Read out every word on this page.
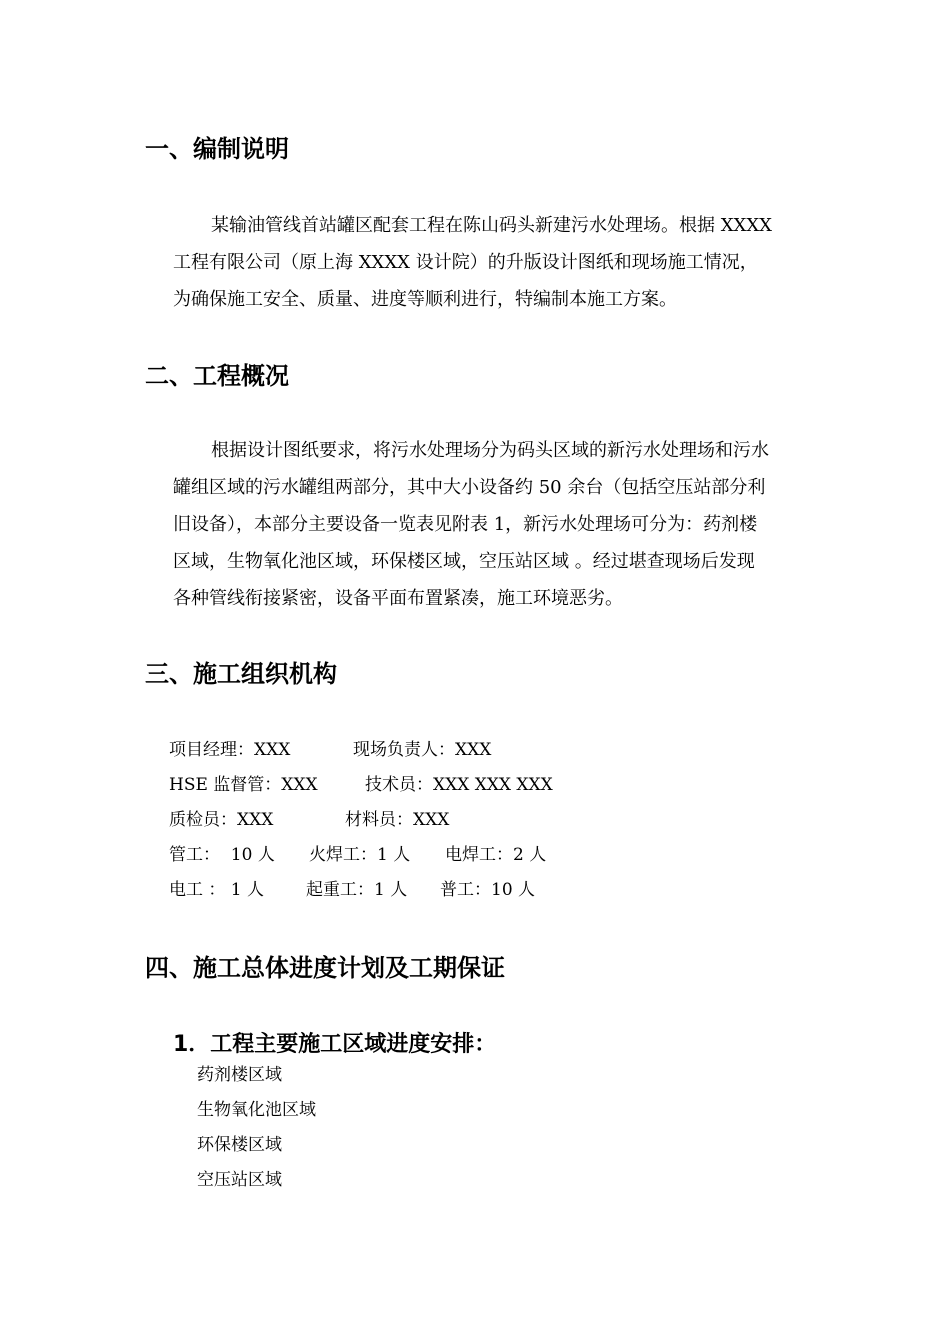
一、编制说明
某输油管线首站罐区配套工程在陈山码头新建污水处理场。根据 XXXX
工程有限公司（原上海 XXXX 设计院）的升版设计图纸和现场施工情况，
为确保施工安全、质量、进度等顺利进行，特编制本施工方案。
二、工程概况
根据设计图纸要求，将污水处理场分为码头区域的新污水处理场和污水
罐组区域的污水罐组两部分，其中大小设备约 50 余台（包括空压站部分利
旧设备），本部分主要设备一览表见附表 1，新污水处理场可分为：药剂楼
区域，生物氧化池区域，环保楼区域，空压站区域 。经过堪查现场后发现
各种管线衔接紧密，设备平面布置紧凑，施工环境恶劣。
三、施工组织机构
项目经理：XXX	现场负责人：XXX
HSE 监督管：XXX	技术员：XXX XXX XXX
质检员：XXX	材料员：XXX
管工：  10 人 火焊工：1 人 电焊工：2 人
电工 ： 1 人 起重工：1 人 普工：10 人
四、施工总体进度计划及工期保证
1．工程主要施工区域进度安排：
药剂楼区域
生物氧化池区域
环保楼区域
空压站区域
